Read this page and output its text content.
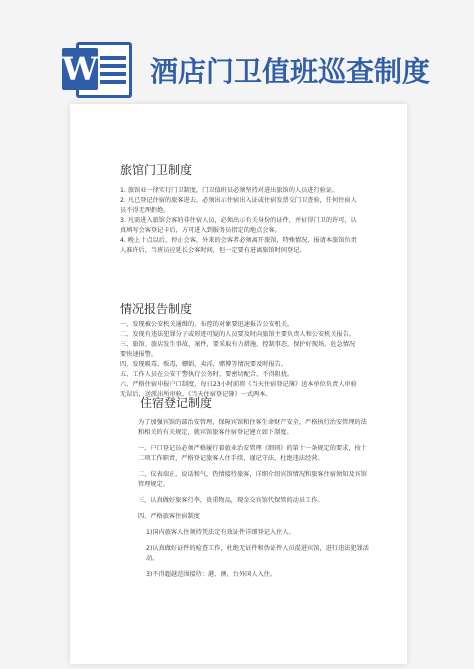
W 酒店门卫值班巡查制度
旅馆门卫制度

1. 旅馆业一律实行门卫制度，门卫值班员必须坚持对进出旅馆的人员进行验证。

2. 凡已登记住宿的旅客进去，必须出示住宿出入证或住宿发票交门卫查验，任何住宿人员不得无理拒绝。

3. 凡需进入旅馆会客的非住宿人员，必须出示有关身份的证件，并征得门卫的许可，认真填写会客登记卡后，方可进入到服务员指定的地点会客。

4. 晚上十点以后，停止会客，外来的会客者必须离开旅馆，特殊情况，报请本旅馆负责人准许后，当班员应延长会客时间，但一定要有进离旅馆时间登记。

情况报告制度

一、发现被公安机关通缉的、布控的对象要迅速报告公安机关。

二、发现有违法犯罪分子或形迹可疑的人员要及时向旅馆主要负责人和公安机关报告。

三、旅馆、旅店发生事故、案件，要采取有力措施，控制事态，保护好现场，危急情况要快速报警。

四、发现吸毒、贩毒，嫖娼、卖淫，赌博等情况要及时报告。

五、工作人员在公安干警执行公务时，要密切配合，不得阻扰。

六、严格住宿申报户口制度，每日23小时前将《当天住宿登记簿》送本单位负责人审验无误后，送派出所审验。《当天住宿登记簿》一式两本。

住宿登记制度

为了加强宾馆的部治安管理，保障宾馆和住客生命财产安全，严格执行治安管理的法和相关的有关规定，就宾馆旅客住宿登记建立如下制度。

一、户口登记员必须严格履行着旅业治安管理《细则》的第十一条规定的要求，按十二项工作职责，严格登记旅客人住手续，谨记守法，杜绝违法经营。

二、仪表端正，说话和气，热情接待旅客，详细介绍宾馆情况和旅客住宿须知及宾馆管理规定。

三、认真做好旅客行李，贵重物品，现金交宾馆代保管的动员工作。

四、严格旅客住宿制度

1)国内旅客人住须持凭法定有效证件详细登记入住人。

2)认真做好证件的检查工作，杜绝无证件和伪证件人员混进宾馆，进行违法犯罪活动。

3)不得超越范围接待：港、澳、台外国人入住。
